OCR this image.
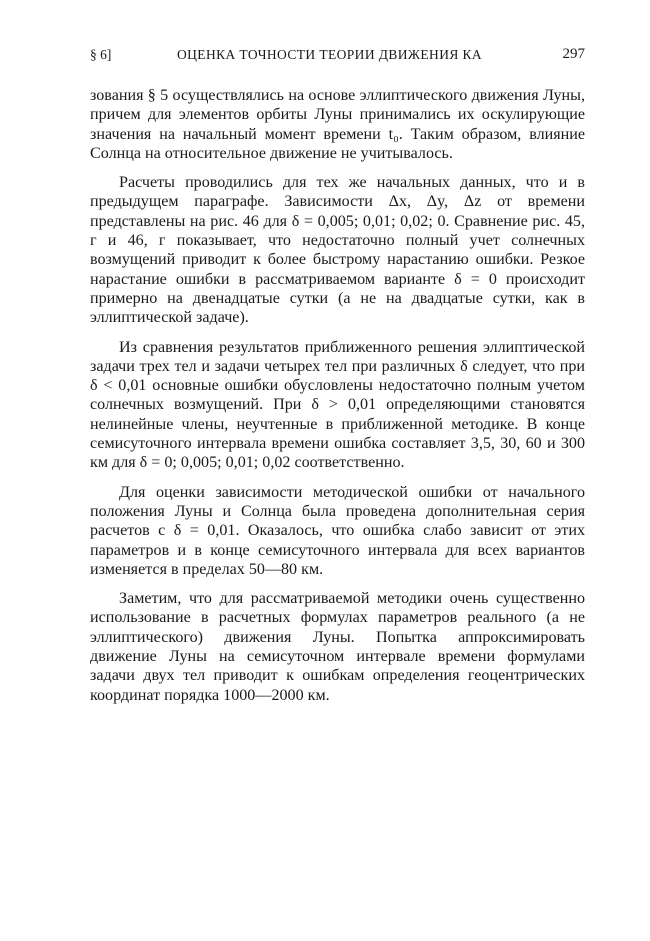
§ 6]	ОЦЕНКА ТОЧНОСТИ ТЕОРИИ ДВИЖЕНИЯ КА	297

зования § 5 осуществлялись на основе эллиптического движения Луны, причем для элементов орбиты Луны принимались их оскулирующие значения на начальный момент времени t₀. Таким образом, влияние Солнца на относительное движение не учитывалось.

Расчеты проводились для тех же начальных данных, что и в предыдущем параграфе. Зависимости Δx, Δy, Δz от времени представлены на рис. 46 для δ = 0,005; 0,01; 0,02; 0. Сравнение рис. 45, г и 46, г показывает, что недостаточно полный учет солнечных возмущений приводит к более быстрому нарастанию ошибки. Резкое нарастание ошибки в рассматриваемом варианте δ = 0 происходит примерно на двенадцатые сутки (а не на двадцатые сутки, как в эллиптической задаче).

Из сравнения результатов приближенного решения эллиптической задачи трех тел и задачи четырех тел при различных δ следует, что при δ < 0,01 основные ошибки обусловлены недостаточно полным учетом солнечных возмущений. При δ > 0,01 определяющими становятся нелинейные члены, неучтенные в приближенной методике. В конце семисуточного интервала времени ошибка составляет 3,5, 30, 60 и 300 км для δ = 0; 0,005; 0,01; 0,02 соответственно.

Для оценки зависимости методической ошибки от начального положения Луны и Солнца была проведена дополнительная серия расчетов с δ = 0,01. Оказалось, что ошибка слабо зависит от этих параметров и в конце семисуточного интервала для всех вариантов изменяется в пределах 50—80 км.

Заметим, что для рассматриваемой методики очень существенно использование в расчетных формулах параметров реального (а не эллиптического) движения Луны. Попытка аппроксимировать движение Луны на семисуточном интервале времени формулами задачи двух тел приводит к ошибкам определения геоцентрических координат порядка 1000—2000 км.
